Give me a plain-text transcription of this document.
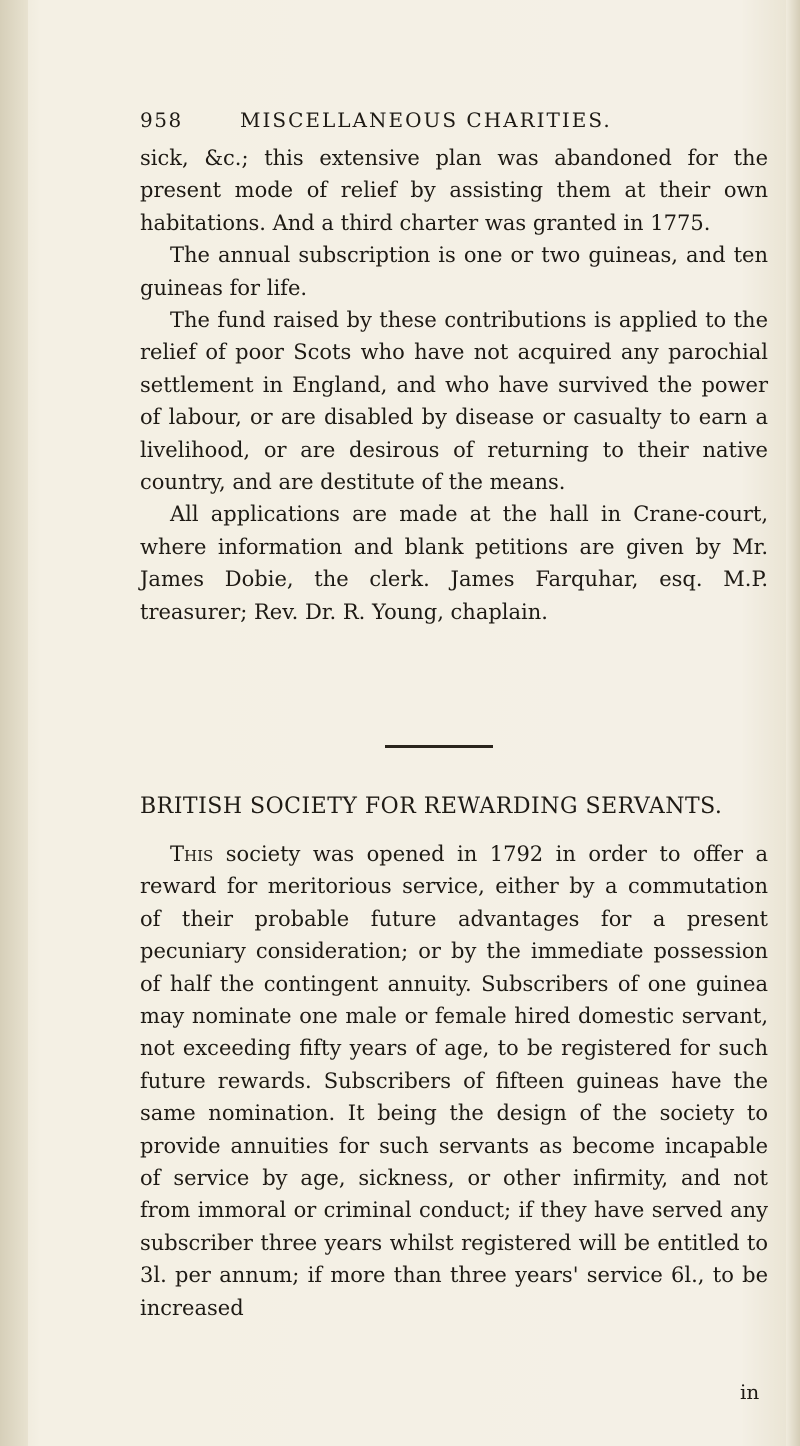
958	MISCELLANEOUS CHARITIES.

sick, &c.; this extensive plan was abandoned for the present mode of relief by assisting them at their own habitations. And a third charter was granted in 1775.

The annual subscription is one or two guineas, and ten guineas for life.

The fund raised by these contributions is applied to the relief of poor Scots who have not acquired any parochial settlement in England, and who have survived the power of labour, or are disabled by disease or casualty to earn a livelihood, or are desirous of returning to their native country, and are destitute of the means.

All applications are made at the hall in Crane-court, where information and blank petitions are given by Mr. James Dobie, the clerk. James Farquhar, esq. M.P. treasurer; Rev. Dr. R. Young, chaplain.

BRITISH SOCIETY FOR REWARDING SERVANTS.

This society was opened in 1792 in order to offer a reward for meritorious service, either by a commutation of their probable future advantages for a present pecuniary consideration; or by the immediate possession of half the contingent annuity. Subscribers of one guinea may nominate one male or female hired domestic servant, not exceeding fifty years of age, to be registered for such future rewards. Subscribers of fifteen guineas have the same nomination. It being the design of the society to provide annuities for such servants as become incapable of service by age, sickness, or other infirmity, and not from immoral or criminal conduct; if they have served any subscriber three years whilst registered will be entitled to 3l. per annum; if more than three years' service 6l., to be increased

in
